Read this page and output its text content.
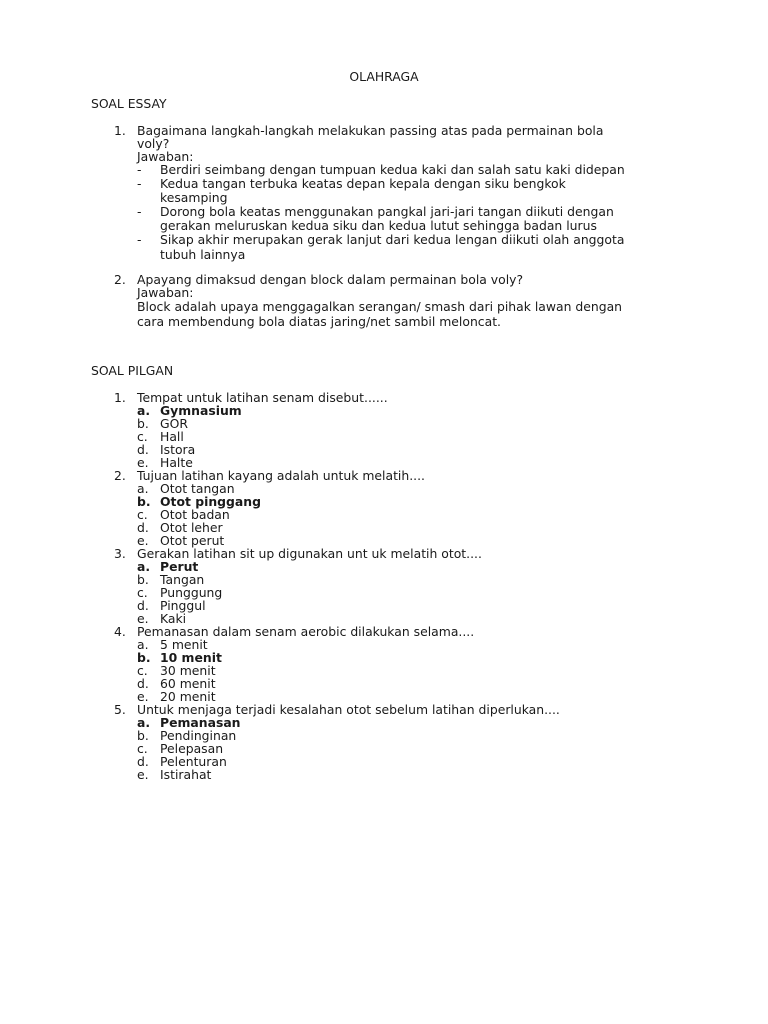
OLAHRAGA
SOAL ESSAY
1. Bagaimana langkah-langkah melakukan passing atas pada permainan bola
voly?
Jawaban:
- Berdiri seimbang dengan tumpuan kedua kaki dan salah satu kaki didepan
- Kedua tangan terbuka keatas depan kepala dengan siku bengkok
kesamping
- Dorong bola keatas menggunakan pangkal jari-jari tangan diikuti dengan
gerakan meluruskan kedua siku dan kedua lutut sehingga badan lurus
- Sikap akhir merupakan gerak lanjut dari kedua lengan diikuti olah anggota
tubuh lainnya
2. Apayang dimaksud dengan block dalam permainan bola voly?
Jawaban:
Block adalah upaya menggagalkan serangan/ smash dari pihak lawan dengan
cara membendung bola diatas jaring/net sambil meloncat.
SOAL PILGAN
1. Tempat untuk latihan senam disebut......
a. Gymnasium
b. GOR
c. Hall
d. Istora
e. Halte
2. Tujuan latihan kayang adalah untuk melatih....
a. Otot tangan
b. Otot pinggang
c. Otot badan
d. Otot leher
e. Otot perut
3. Gerakan latihan sit up digunakan unt uk melatih otot....
a. Perut
b. Tangan
c. Punggung
d. Pinggul
e. Kaki
4. Pemanasan dalam senam aerobic dilakukan selama....
a. 5 menit
b. 10 menit
c. 30 menit
d. 60 menit
e. 20 menit
5. Untuk menjaga terjadi kesalahan otot sebelum latihan diperlukan....
a. Pemanasan
b. Pendinginan
c. Pelepasan
d. Pelenturan
e. Istirahat
